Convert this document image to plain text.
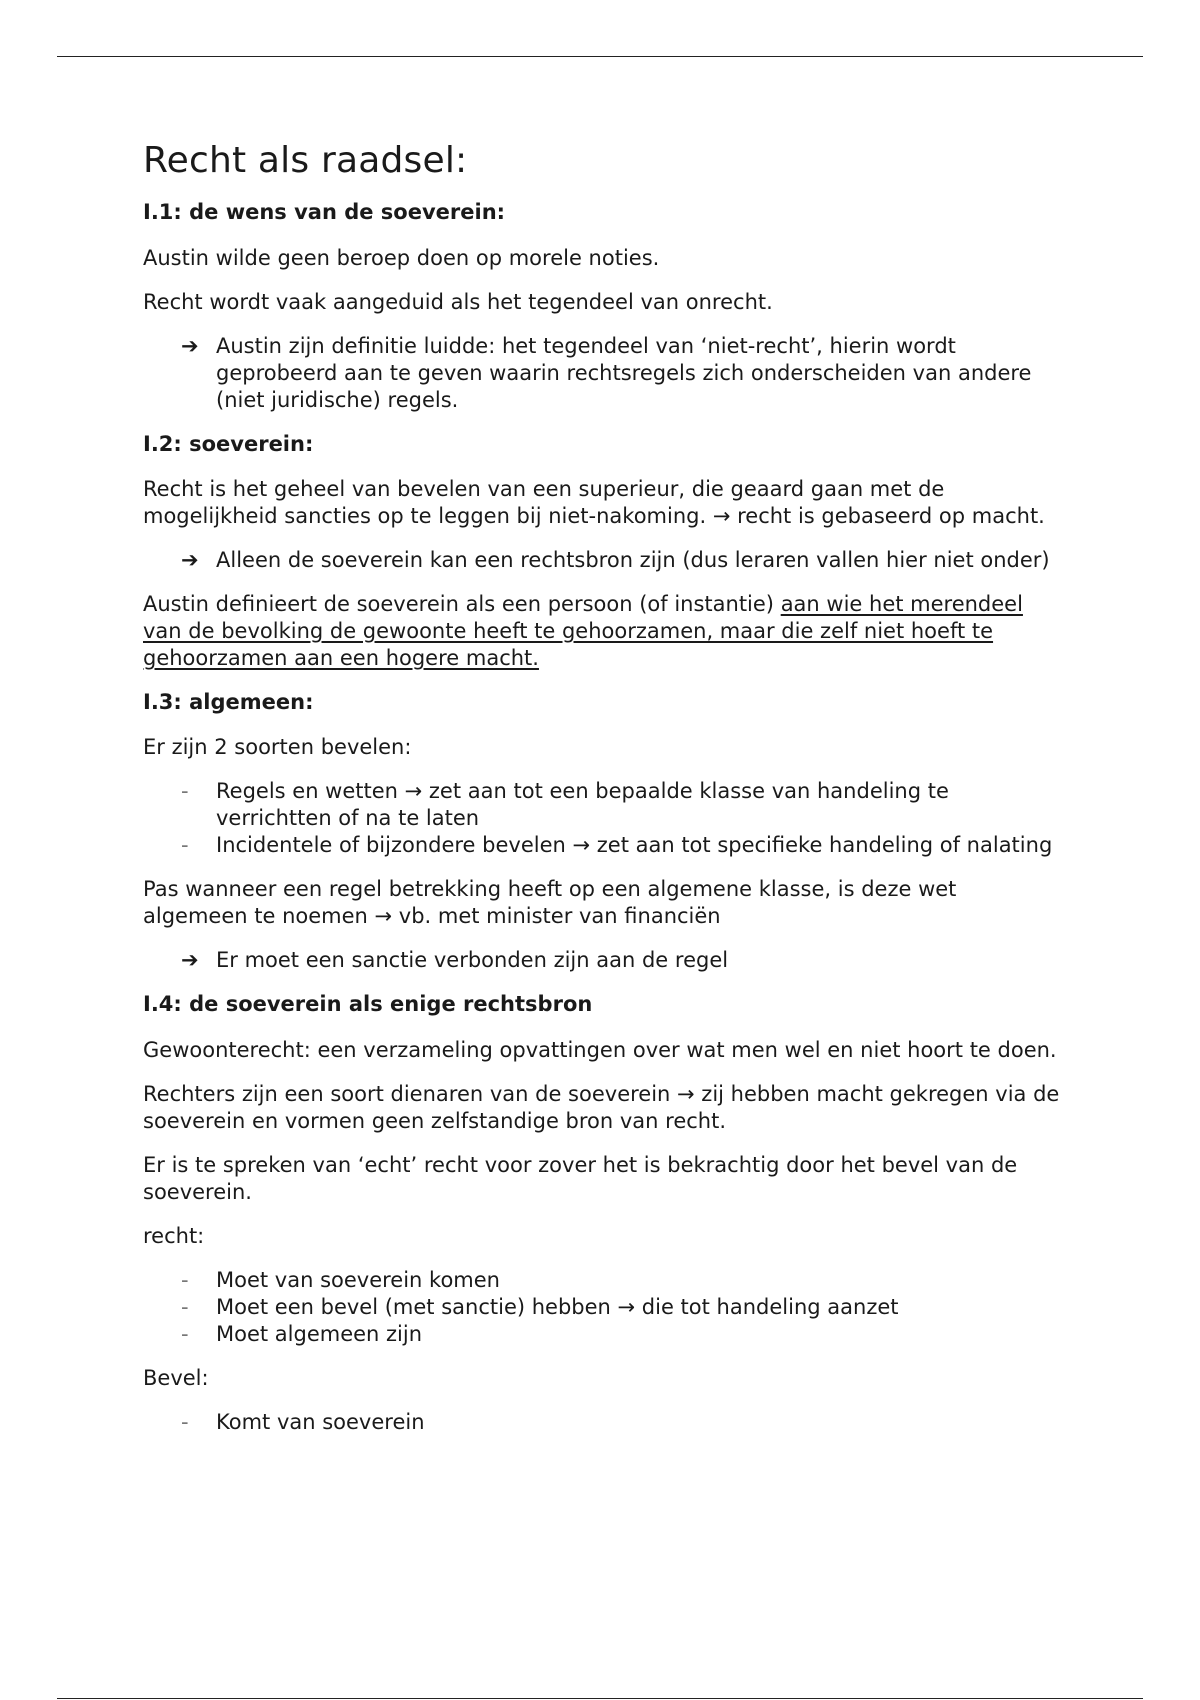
Recht als raadsel:
I.1: de wens van de soeverein:

Austin wilde geen beroep doen op morele noties.

Recht wordt vaak aangeduid als het tegendeel van onrecht.

➔ Austin zijn definitie luidde: het tegendeel van ‘niet-recht’, hierin wordt geprobeerd aan te geven waarin rechtsregels zich onderscheiden van andere (niet juridische) regels.
I.2: soeverein:

Recht is het geheel van bevelen van een superieur, die geaard gaan met de mogelijkheid sancties op te leggen bij niet-nakoming. → recht is gebaseerd op macht.

➔ Alleen de soeverein kan een rechtsbron zijn (dus leraren vallen hier niet onder)

Austin definieert de soeverein als een persoon (of instantie) aan wie het merendeel van de bevolking de gewoonte heeft te gehoorzamen, maar die zelf niet hoeft te gehoorzamen aan een hogere macht.

I.3: algemeen:

Er zijn 2 soorten bevelen:

- Regels en wetten → zet aan tot een bepaalde klasse van handeling te verrichtten of na te laten
- Incidentele of bijzondere bevelen → zet aan tot specifieke handeling of nalating

Pas wanneer een regel betrekking heeft op een algemene klasse, is deze wet algemeen te noemen → vb. met minister van financiën

➔ Er moet een sanctie verbonden zijn aan de regel
I.4: de soeverein als enige rechtsbron

Gewoonterecht: een verzameling opvattingen over wat men wel en niet hoort te doen.

Rechters zijn een soort dienaren van de soeverein → zij hebben macht gekregen via de soeverein en vormen geen zelfstandige bron van recht.

Er is te spreken van ‘echt’ recht voor zover het is bekrachtig door het bevel van de soeverein.

recht:

- Moet van soeverein komen
- Moet een bevel (met sanctie) hebben → die tot handeling aanzet
- Moet algemeen zijn

Bevel:

- Komt van soeverein
